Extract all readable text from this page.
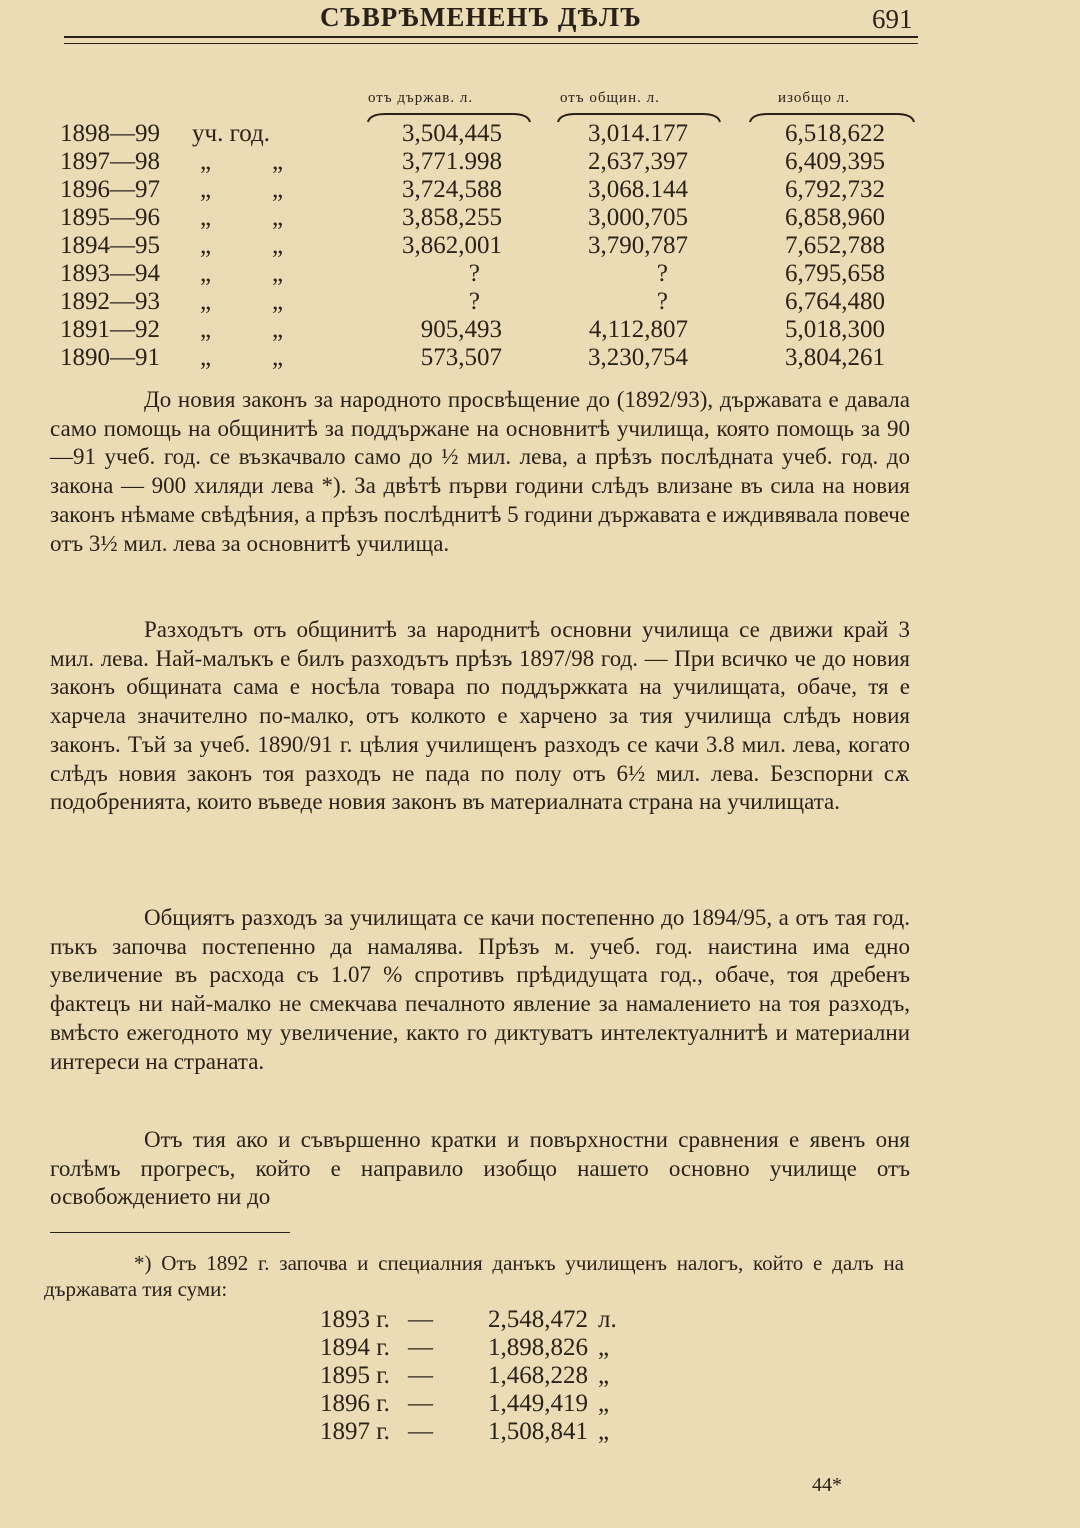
СЪВРѢМЕНЕНЪ ДѢЛЪ	691
отъ държав. л.	отъ общин. л.	изобщо л.
1898—99 уч. год.	3,504,445	3,014.177	6,518,622
1897—98 „ „	3,771.998	2,637,397	6,409,395
1896—97 „ „	3,724,588	3,068.144	6,792,732
1895—96 „ „	3,858,255	3,000,705	6,858,960
1894—95 „ „	3,862,001	3,790,787	7,652,788
1893—94 „ „	?	?	6,795,658
1892—93 „ „	?	?	6,764,480
1891—92 „ „	905,493	4,112,807	5,018,300
1890—91 „ „	573,507	3,230,754	3,804,261

До новия законъ за народното просвѣщение до (1892/93), държавата е давала само помощь на общинитѣ за поддържане на основнитѣ училища, която помощь за 90—91 учеб. год. се възкачвало само до ½ мил. лева, а прѣзъ послѣдната учеб. год. до закона — 900 хиляди лева *). За двѣтѣ първи години слѣдъ влизане въ сила на новия законъ нѣмаме свѣдѣния, а прѣзъ послѣднитѣ 5 години държавата е иждивявала повече отъ 3½ мил. лева за основнитѣ училища.

Разходътъ отъ общинитѣ за народнитѣ основни училища се движи край 3 мил. лева. Най-малъкъ е билъ разходътъ прѣзъ 1897/98 год. — При всичко че до новия законъ общината сама е носѣла товара по поддържката на училищата, обаче, тя е харчела значително по-малко, отъ колкото е харчено за тия училища слѣдъ новия законъ. Тъй за учеб. 1890/91 г. цѣлия училищенъ разходъ се качи 3.8 мил. лева, когато слѣдъ новия законъ тоя разходъ не пада по полу отъ 6½ мил. лева. Безспорни сѫ подобренията, които въведе новия законъ въ материалната страна на училищата.

Общиятъ разходъ за училищата се качи постепенно до 1894/95, а отъ тая год. пъкъ започва постепенно да намалява. Прѣзъ м. учеб. год. наистина има едно увеличение въ расхода съ 1.07 % спротивъ прѣдидущата год., обаче, тоя дребенъ фактецъ ни най-малко не смекчава печалното явление за намалението на тоя разходъ, вмѣсто ежегодното му увеличение, както го диктуватъ интелектуалнитѣ и материални интереси на страната.

Отъ тия ако и съвършенно кратки и повърхностни сравнения е явенъ оня голѣмъ прогресъ, който е направило изобщо нашето основно училище отъ освобождението ни до

*) Отъ 1892 г. започва и специалния данъкъ училищенъ налогъ, който е далъ на държавата тия суми:
1893 г. — 2,548,472 л.
1894 г. — 1,898,826 „
1895 г. — 1,468,228 „
1896 г. — 1,449,419 „
1897 г. — 1,508,841 „
44*
